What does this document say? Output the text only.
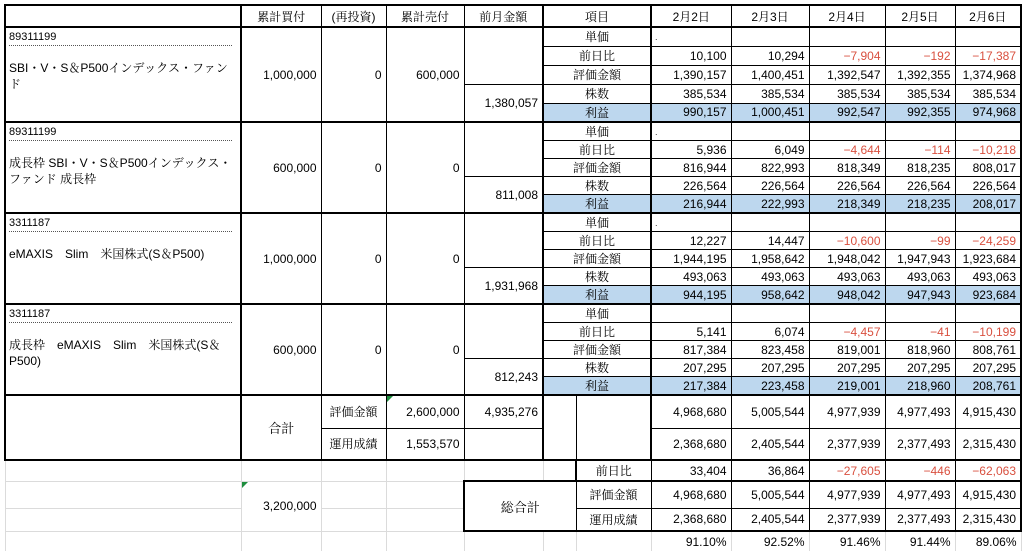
	累計買付	(再投資)	累計売付	前月金額	項目		2月2日	2月3日	2月4日	2月5日	2月6日

89311199
SBI・V・S＆P500インデックス・ファンド	1,000,000	0	600,000		単価		.				
					前日比		10,100	10,294	−7,904	−192	−17,387
					評価金額		1,390,157	1,400,451	1,392,547	1,392,355	1,374,968
				1,380,057	株数		385,534	385,534	385,534	385,534	385,534
					利益		990,157	1,000,451	992,547	992,355	974,968

89311199
成長枠 SBI・V・S＆P500インデックス・ファンド 成長枠	600,000	0	0		単価		.				
					前日比		5,936	6,049	−4,644	−114	−10,218
					評価金額		816,944	822,993	818,349	818,235	808,017
				811,008	株数		226,564	226,564	226,564	226,564	226,564
					利益		216,944	222,993	218,349	218,235	208,017

3311187
eMAXIS　Slim　米国株式(S＆P500)	1,000,000	0	0		単価		.				
					前日比		12,227	14,447	−10,600	−99	−24,259
					評価金額		1,944,195	1,958,642	1,948,042	1,947,943	1,923,684
				1,931,968	株数		493,063	493,063	493,063	493,063	493,063
					利益		944,195	958,642	948,042	947,943	923,684

3311187
成長枠　eMAXIS　Slim　米国株式(S＆P500)	600,000	0	0		単価						
					前日比		5,141	6,074	−4,457	−41	−10,199
					評価金額		817,384	823,458	819,001	818,960	808,761
				812,243	株数		207,295	207,295	207,295	207,295	207,295
					利益		217,384	223,458	219,001	218,960	208,761
	合計	評価金額	2,600,000	4,935,276			4,968,680	5,005,544	4,977,939	4,977,493	4,915,430
		運用成績	1,553,570				2,368,680	2,405,544	2,377,939	2,377,493	2,315,430
						前日比	33,404	36,864	−27,605	−446	−62,063

3,200,000			総合計		評価金額	4,968,680	5,005,544	4,977,939	4,977,493	4,915,430
						運用成績	2,368,680	2,405,544	2,377,939	2,377,493	2,315,430
							91.10%	92.52%	91.46%	91.44%	89.06%
